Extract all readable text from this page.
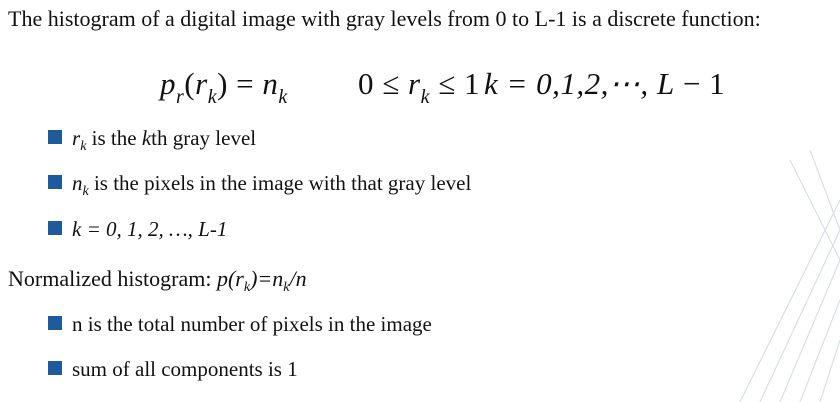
The histogram of a digital image with gray levels from 0 to L-1 is a discrete function:
$p_r(r_k) = n_k$ $0 \le r_k \le 1$ k = 0,1,2,⋯, L − 1
$r_k$ is the kth gray level
$n_k$ is the pixels in the image with that gray level
k = 0, 1, 2, …, L-1
Normalized histogram: $p(r_k)=n_k/n$
n is the total number of pixels in the image
sum of all components is 1
